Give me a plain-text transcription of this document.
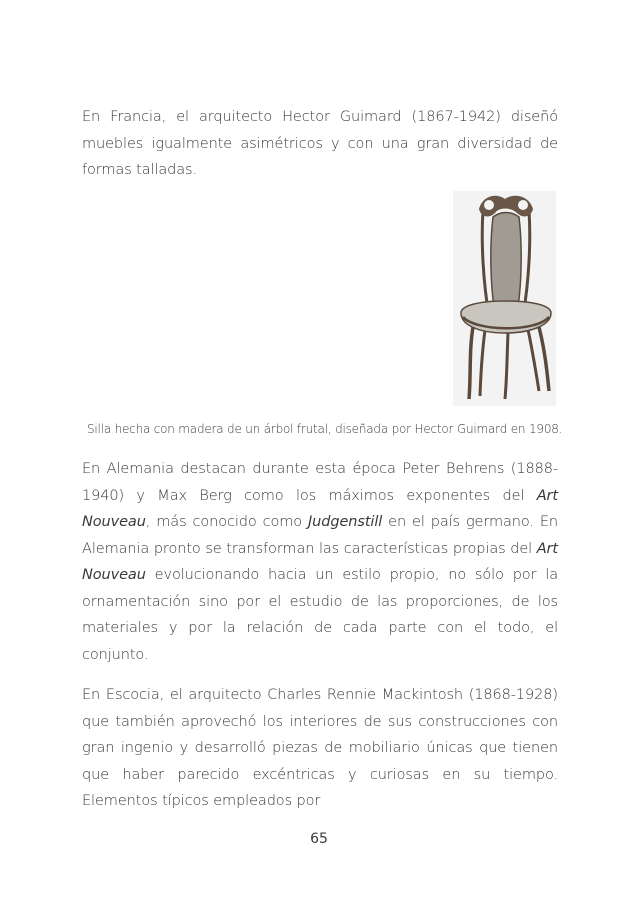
En Francia, el arquitecto Hector Guimard (1867-1942) diseñó muebles igualmente asimétricos y con una gran diversidad de formas talladas.

Silla hecha con madera de un árbol frutal, diseñada por Hector Guimard en 1908.

En Alemania destacan durante esta época Peter Behrens (1888-1940) y Max Berg como los máximos exponentes del Art Nouveau, más conocido como Judgenstill en el país germano. En Alemania pronto se transforman las características propias del Art Nouveau evolucionando hacia un estilo propio, no sólo por la ornamentación sino por el estudio de las proporciones, de los materiales y por la relación de cada parte con el todo, el conjunto.

En Escocia, el arquitecto Charles Rennie Mackintosh (1868-1928) que también aprovechó los interiores de sus construcciones con gran ingenio y desarrolló piezas de mobiliario únicas que tienen que haber parecido excéntricas y curiosas en su tiempo. Elementos típicos empleados por

65
